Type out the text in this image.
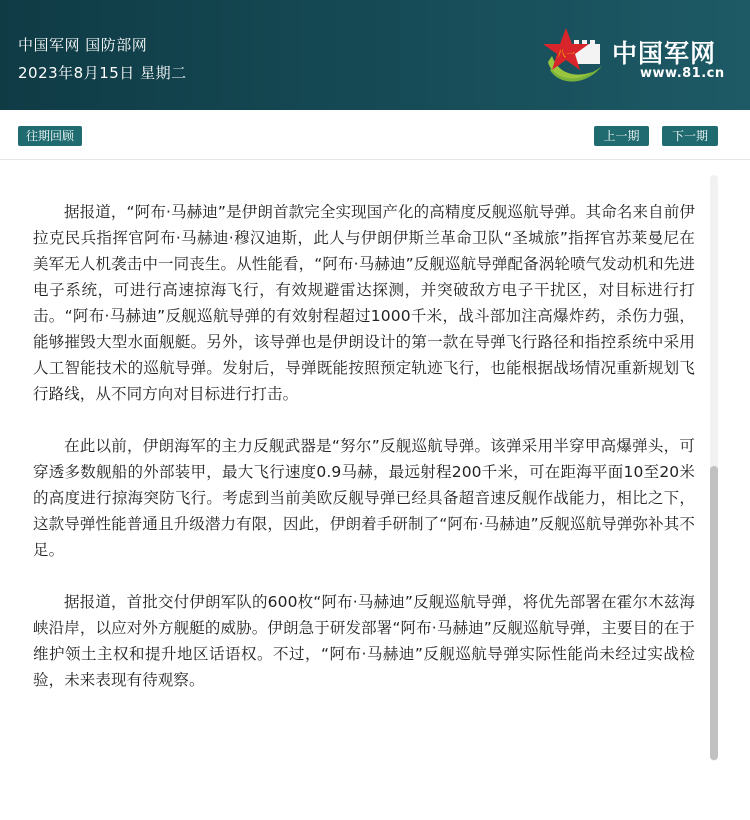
中国军网 国防部网
2023年8月15日 星期二
八一 中国军网
www.81.cn
往期回顾	上一期	下一期

据报道，“阿布·马赫迪”是伊朗首款完全实现国产化的高精度反舰巡航导弹。其命名来自前伊拉克民兵指挥官阿布·马赫迪·穆汉迪斯，此人与伊朗伊斯兰革命卫队“圣城旅”指挥官苏莱曼尼在美军无人机袭击中一同丧生。从性能看，“阿布·马赫迪”反舰巡航导弹配备涡轮喷气发动机和先进电子系统，可进行高速掠海飞行，有效规避雷达探测，并突破敌方电子干扰区，对目标进行打击。“阿布·马赫迪”反舰巡航导弹的有效射程超过1000千米，战斗部加注高爆炸药，杀伤力强，能够摧毁大型水面舰艇。另外，该导弹也是伊朗设计的第一款在导弹飞行路径和指控系统中采用人工智能技术的巡航导弹。发射后，导弹既能按照预定轨迹飞行，也能根据战场情况重新规划飞行路线，从不同方向对目标进行打击。

在此以前，伊朗海军的主力反舰武器是“努尔”反舰巡航导弹。该弹采用半穿甲高爆弹头，可穿透多数舰船的外部装甲，最大飞行速度0.9马赫，最远射程200千米，可在距海平面10至20米的高度进行掠海突防飞行。考虑到当前美欧反舰导弹已经具备超音速反舰作战能力，相比之下，这款导弹性能普通且升级潜力有限，因此，伊朗着手研制了“阿布·马赫迪”反舰巡航导弹弥补其不足。

据报道，首批交付伊朗军队的600枚“阿布·马赫迪”反舰巡航导弹，将优先部署在霍尔木兹海峡沿岸，以应对外方舰艇的威胁。伊朗急于研发部署“阿布·马赫迪”反舰巡航导弹，主要目的在于维护领土主权和提升地区话语权。不过，“阿布·马赫迪”反舰巡航导弹实际性能尚未经过实战检验，未来表现有待观察。
